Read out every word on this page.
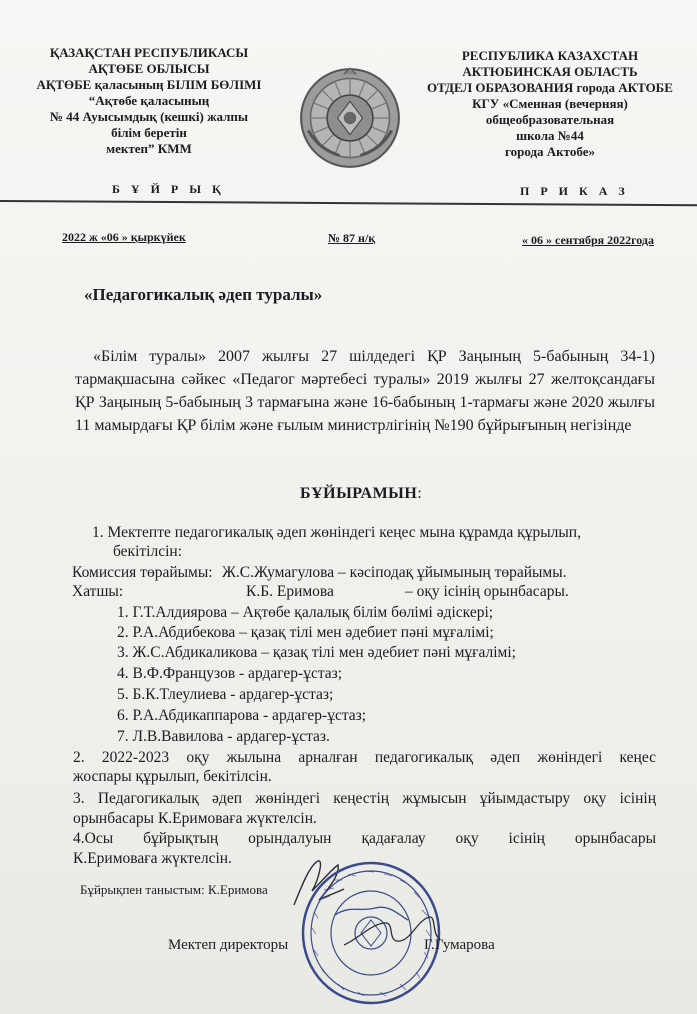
ҚАЗАҚСТАН РЕСПУБЛИКАСЫ
АҚТӨБЕ ОБЛЫСЫ
АҚТӨБЕ қаласының БІЛІМ БӨЛІМІ
“Ақтөбе қаласының
№ 44 Ауысымдық (кешкі) жалпы
білім беретін
мектеп” КММ
РЕСПУБЛИКА КАЗАХСТАН
АКТЮБИНСКАЯ ОБЛАСТЬ
ОТДЕЛ ОБРАЗОВАНИЯ города АКТОБЕ
КГУ «Сменная (вечерняя)
общеобразовательная
школа №44
города Актобе»
Б Ұ Й Р Ы Қ	П Р И К А З
2022 ж «06 » қыркүйек	№ 87 н/қ	« 06 » сентября 2022года
«Педагогикалық әдеп туралы»
«Білім туралы» 2007 жылғы 27 шілдедегі ҚР Заңының 5-бабының 34-1) тармақшасына сәйкес «Педагог мәртебесі туралы» 2019 жылғы 27 желтоқсандағы ҚР Заңының 5-бабының 3 тармағына және 16-бабының 1-тармағы және 2020 жылғы 11 мамырдағы ҚР білім және ғылым министрлігінің №190 бұйрығының негізінде
БҰЙЫРАМЫН:
1. Мектепте педагогикалық әдеп жөніндегі кеңес мына құрамда құрылып,
бекітілсін:
Комиссия төрайымы: Ж.С.Жумагулова – кәсіподақ ұйымының төрайымы.
Хатшы:	К.Б. Еримова	– оқу ісінің орынбасары.
1. Г.Т.Алдиярова – Ақтөбе қалалық білім бөлімі әдіскері;
2. Р.А.Абдибекова – қазақ тілі мен әдебиет пәні мұғалімі;
3. Ж.С.Абдикаликова – қазақ тілі мен әдебиет пәні мұғалімі;
4. В.Ф.Французов - ардагер-ұстаз;
5. Б.К.Тлеулиева - ардагер-ұстаз;
6. Р.А.Абдикаппарова - ардагер-ұстаз;
7. Л.В.Вавилова - ардагер-ұстаз.
2. 2022-2023 оқу жылына арналған педагогикалық әдеп жөніндегі кеңес
жоспары құрылып, бекітілсін.
3. Педагогикалық әдеп жөніндегі кеңестің жұмысын ұйымдастыру оқу ісінің
орынбасары К.Еримоваға жүктелсін.
4.Осы бұйрықтың орындалуын қадағалау оқу ісінің орынбасары
К.Еримоваға жүктелсін.
Бұйрықпен таныстым: К.Еримова
Мектеп директоры	Г.Гумарова
